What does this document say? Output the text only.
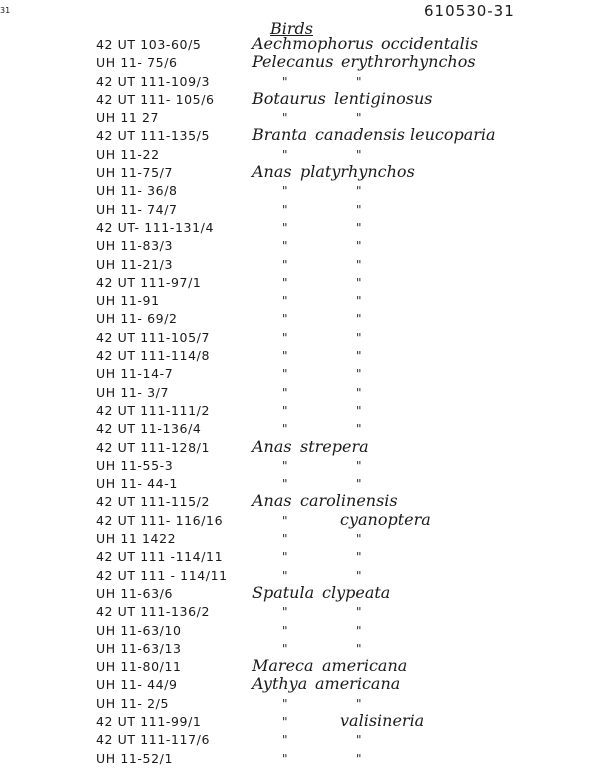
31	610530-31
Birds
42 UT 103-60/5	Aechmophorus occidentalis
UH 11- 75/6	Pelecanus erythrorhynchos
42 UT 111-109/3	"	"
42 UT 111- 105/6 Botaurus lentiginosus
UH 11 27	"	"
42 UT 111-135/5	Branta canadensis leucoparia
UH 11-22	"	"
UH 11-75/7	Anas platyrhynchos
UH 11- 36/8	"	"
UH 11- 74/7	"	"
42 UT- 111-131/4	"	"
UH 11-83/3	"	"
UH 11-21/3	"	"
42 UT 111-97/1	"	"
UH 11-91	"	"
UH 11- 69/2	"	"
42 UT 111-105/7	"	"
42 UT 111-114/8	"	"
UH 11-14-7	"	"
UH 11- 3/7	"	"
42 UT 111-111/2	"	"
42 UT 11-136/4	"	"
42 UT 111-128/1	Anas strepera
UH 11-55-3	"	"
UH 11- 44-1	"	"
42 UT 111-115/2	Anas carolinensis
42 UT 111- 116/16	"	cyanoptera
UH 11 1422	"	"
42 UT 111 -114/11	"	"
42 UT 111 - 114/11	"	"
UH 11-63/6	Spatula clypeata
42 UT 111-136/2	"	"
UH 11-63/10	"	"
UH 11-63/13	"	"
UH 11-80/11	Mareca americana
UH 11- 44/9	Aythya americana
UH 11- 2/5	"	"
42 UT 111-99/1	"	valisineria
42 UT 111-117/6	"	"
UH 11-52/1	"	"
